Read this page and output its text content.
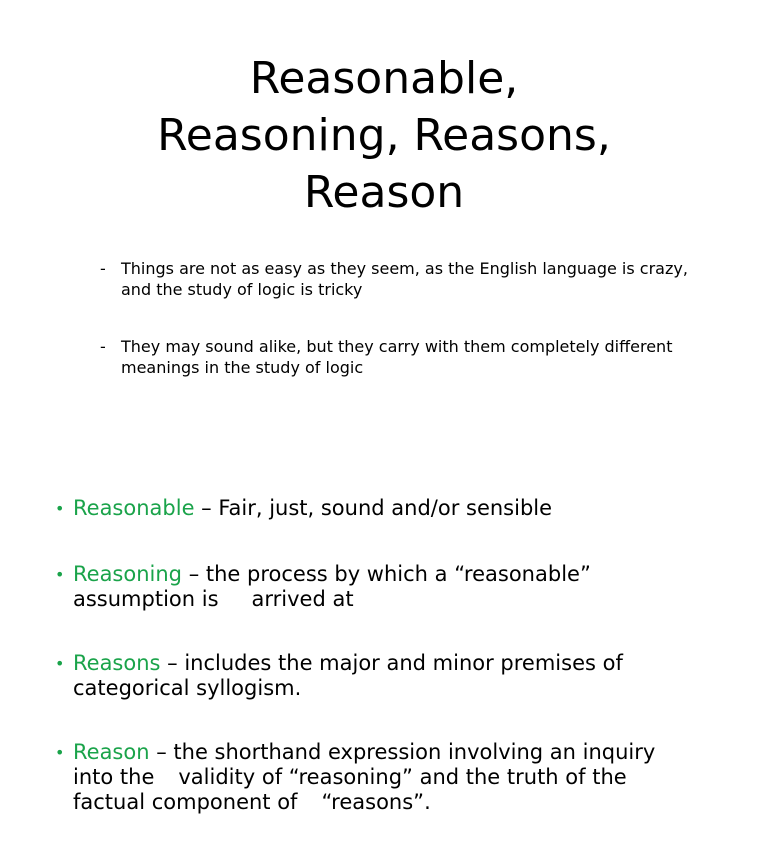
Reasonable,
Reasoning, Reasons,
Reason
- Things are not as easy as they seem, as the English language is crazy, and the study of logic is tricky
- They may sound alike, but they carry with them completely different meanings in the study of logic
• Reasonable – Fair, just, sound and/or sensible
• Reasoning – the process by which a “reasonable”
assumption is arrived at
• Reasons – includes the major and minor premises of
categorical syllogism.
• Reason – the shorthand expression involving an inquiry
into the validity of “reasoning” and the truth of the
factual component of “reasons”.
